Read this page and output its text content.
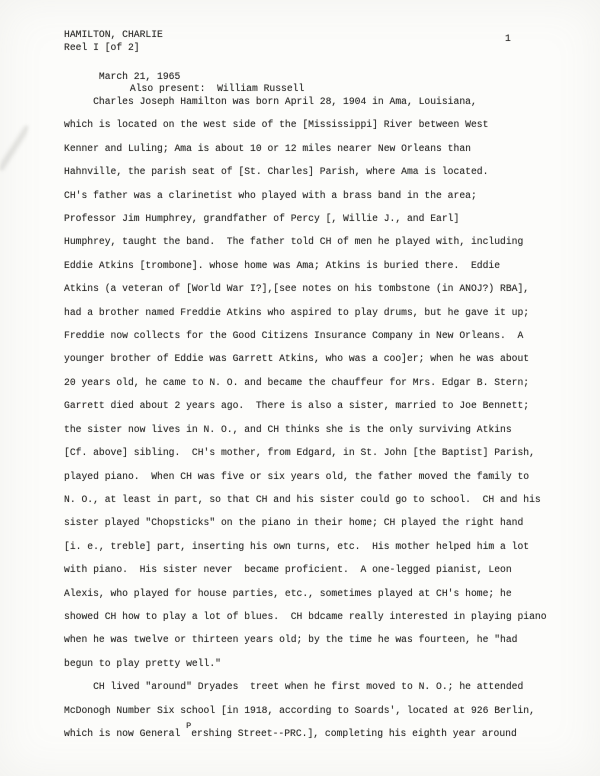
HAMILTON, CHARLIE
Reel I [of 2]

March 21, 1965
Also present:  William Russell

1
Charles Joseph Hamilton was born April 28, 1904 in Ama, Louisiana,
which is located on the west side of the [Mississippi] River between West
Kenner and Luling; Ama is about 10 or 12 miles nearer New Orleans than
Hahnville, the parish seat of [St. Charles] Parish, where Ama is located.
CH's father was a clarinetist who played with a brass band in the area;
Professor Jim Humphrey, grandfather of Percy [, Willie J., and Earl]
Humphrey, taught the band.  The father told CH of men he played with, including
Eddie Atkins [trombone]. whose home was Ama; Atkins is buried there.  Eddie
Atkins (a veteran of [World War I?],[see notes on his tombstone (in ANOJ?) RBA],
had a brother named Freddie Atkins who aspired to play drums, but he gave it up;
Freddie now collects for the Good Citizens Insurance Company in New Orleans.  A
younger brother of Eddie was Garrett Atkins, who was a coo]er; when he was about
20 years old, he came to N. O. and became the chauffeur for Mrs. Edgar B. Stern;
Garrett died about 2 years ago.  There is also a sister, married to Joe Bennett;
the sister now lives in N. O., and CH thinks she is the only surviving Atkins
[Cf. above] sibling.  CH's mother, from Edgard, in St. John [the Baptist] Parish,
played piano.  When CH was five or six years old, the father moved the family to
N. O., at least in part, so that CH and his sister could go to school.  CH and his
sister played "Chopsticks" on the piano in their home; CH played the right hand
[i. e., treble] part, inserting his own turns, etc.  His mother helped him a lot
with piano.  His sister never  became proficient.  A one-legged pianist, Leon
Alexis, who played for house parties, etc., sometimes played at CH's home; he
showed CH how to play a lot of blues.  CH bdcame really interested in playing piano
when he was twelve or thirteen years old; by the time he was fourteen, he "had
begun to play pretty well."
CH lived "around" Dryades  treet when he first moved to N. O.; he attended
McDonogh Number Six school [in 1918, according to Soards', located at 926 Berlin,
which is now General Pershing Street--PRC.], completing his eighth year around
